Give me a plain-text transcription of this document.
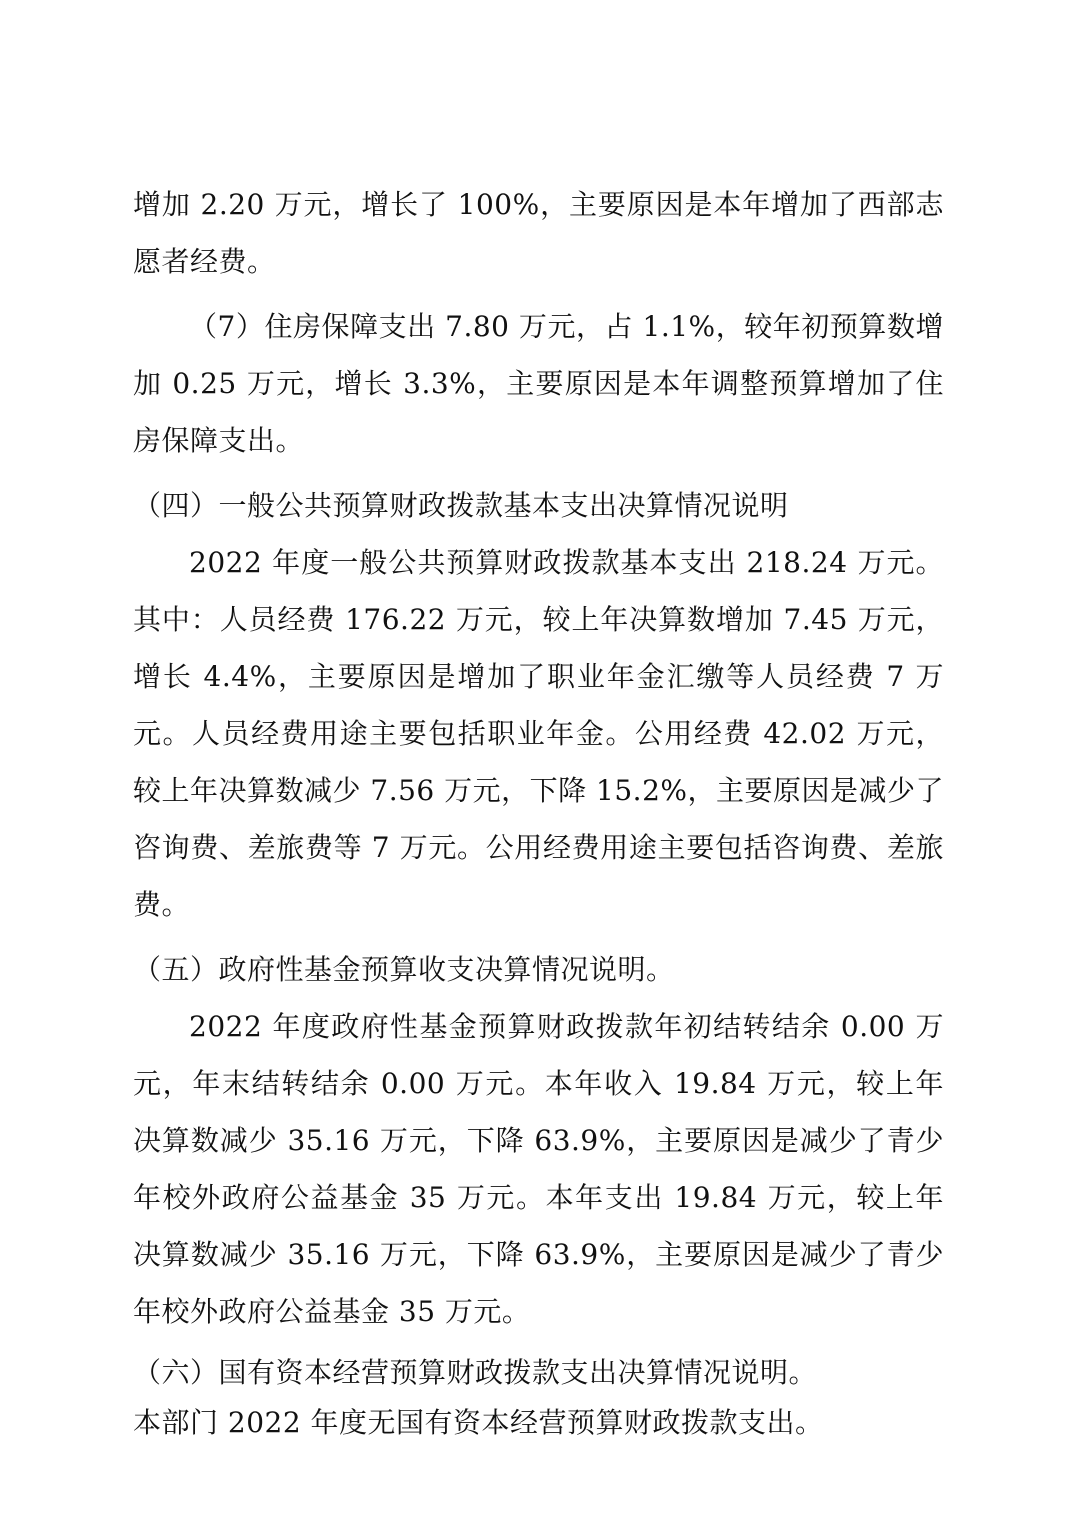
增加 2.20 万元，增长了 100%，主要原因是本年增加了西部志愿者经费。

（7）住房保障支出 7.80 万元，占 1.1%，较年初预算数增加 0.25 万元，增长 3.3%，主要原因是本年调整预算增加了住房保障支出。

（四）一般公共预算财政拨款基本支出决算情况说明

2022 年度一般公共预算财政拨款基本支出 218.24 万元。其中：人员经费 176.22 万元，较上年决算数增加 7.45 万元，增长 4.4%，主要原因是增加了职业年金汇缴等人员经费 7 万元。人员经费用途主要包括职业年金。公用经费 42.02 万元，较上年决算数减少 7.56 万元，下降 15.2%，主要原因是减少了咨询费、差旅费等 7 万元。公用经费用途主要包括咨询费、差旅费。

（五）政府性基金预算收支决算情况说明。

2022 年度政府性基金预算财政拨款年初结转结余 0.00 万元，年末结转结余 0.00 万元。本年收入 19.84 万元，较上年决算数减少 35.16 万元，下降 63.9%，主要原因是减少了青少年校外政府公益基金 35 万元。本年支出 19.84 万元，较上年决算数减少 35.16 万元，下降 63.9%，主要原因是减少了青少年校外政府公益基金 35 万元。

（六）国有资本经营预算财政拨款支出决算情况说明。

本部门 2022 年度无国有资本经营预算财政拨款支出。
